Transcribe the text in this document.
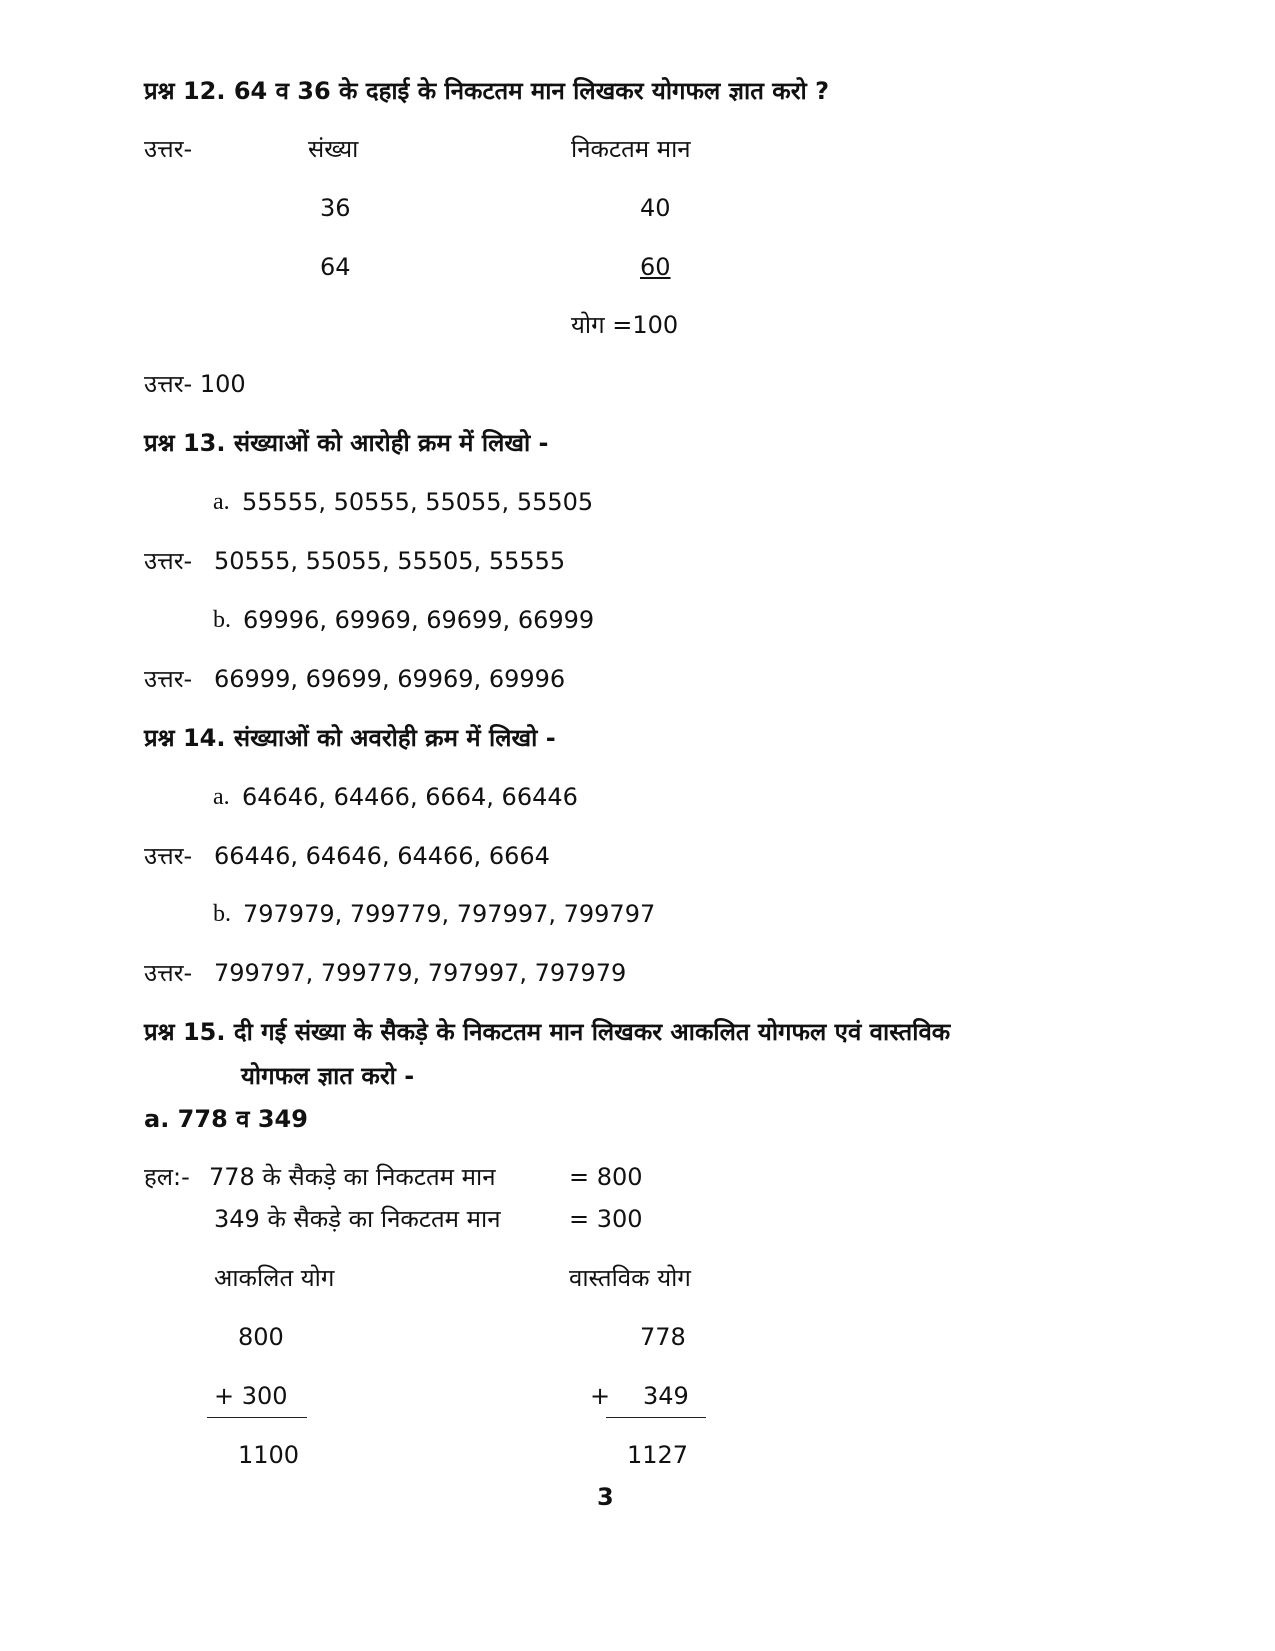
प्रश्न 12. 64 व 36 के दहाई के निकटतम मान लिखकर योगफल ज्ञात करो ?
उत्तर-	संख्या	निकटतम मान
36	40
64	60
योग =100
उत्तर- 100
प्रश्न 13. संख्याओं को आरोही क्रम में लिखो -
a. 55555, 50555, 55055, 55505
उत्तर- 50555, 55055, 55505, 55555
b. 69996, 69969, 69699, 66999
उत्तर- 66999, 69699, 69969, 69996
प्रश्न 14. संख्याओं को अवरोही क्रम में लिखो -
a. 64646, 64466, 6664, 66446
उत्तर- 66446, 64646, 64466, 6664
b. 797979, 799779, 797997, 799797
उत्तर- 799797, 799779, 797997, 797979
प्रश्न 15. दी गई संख्या के सैकड़े के निकटतम मान लिखकर आकलित योगफल एवं वास्तविक
योगफल ज्ञात करो -
a. 778 व 349
हल:- 778 के सैकड़े का निकटतम मान	= 800
349 के सैकड़े का निकटतम मान	= 300
आकलित योग	वास्तविक योग
800	778
+ 300	+ 349
1100	1127
3
